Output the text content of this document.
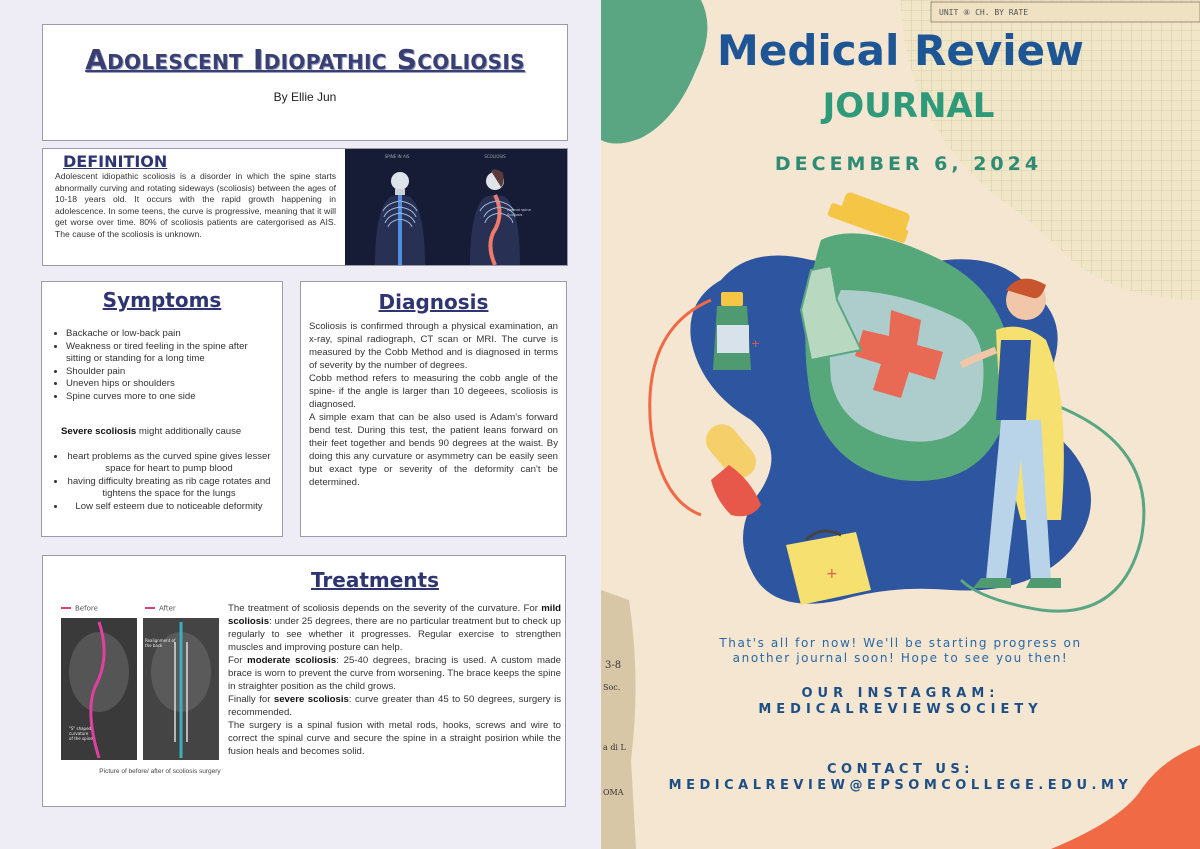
Adolescent Idiopathic Scoliosis
By Ellie Jun
DEFINITION
Adolescent idiopathic scoliosis is a disorder in which the spine starts abnormally curving and rotating sideways (scoliosis) between the ages of 10-18 years old. It occurs with the rapid growth happening in adolescence. In some teens, the curve is progressive, meaning that it will get worse over time. 80% of scoliosis patients are catergorised as AIS. The cause of the scoliosis is unknown.
SPINE IN AIS	SCOLIOSIS
Normal spine
Scoliosis
Symptoms
• Backache or low-back pain
• Weakness or tired feeling in the spine after sitting or standing for a long time
• Shoulder pain
• Uneven hips or shoulders
• Spine curves more to one side
Severe scoliosis might additionally cause
• heart problems as the curved spine gives lesser space for heart to pump blood
• having difficulty breating as rib cage rotates and tightens the space for the lungs
• Low self esteem due to noticeable deformity
Diagnosis
Scoliosis is confirmed through a physical examination, an x-ray, spinal radiograph, CT scan or MRI. The curve is measured by the Cobb Method and is diagnosed in terms of severity by the number of degrees.
Cobb method refers to measuring the cobb angle of the spine- if the angle is larger than 10 degeees, scoliosis is diagnosed.
A simple exam that can be also used is Adam's forward bend test. During this test, the patient leans forward on their feet together and bends 90 degrees at the waist. By doing this any curvature or asymmetry can be easily seen but exact type or severity of the deformity can't be determined.
Treatments
Before	After
"S" shaped
curvature
of the spine
Realignment of
the back
Picture of before/ after of scoliosis surgery
The treatment of scoliosis depends on the severity of the curvature. For mild scoliosis: under 25 degrees, there are no particular treatment but to check up regularly to see whether it progresses. Regular exercise to strengthen muscles and improving posture can help.
For moderate scoliosis: 25-40 degrees, bracing is used. A custom made brace is worn to prevent the curve from worsening. The brace keeps the spine in straighter position as the child grows.
Finally for severe scoliosis: curve greater than 45 to 50 degrees, surgery is recommended.
The surgery is a spinal fusion with metal rods, hooks, screws and wire to correct the spinal curve and secure the spine in a straight posirion while the fusion heals and becomes solid.
UNIT ⑧ CH. BY RATE
3-8
Soc.
a di L
OMA
+
+
Medical Review
JOURNAL
DECEMBER 6, 2024
That's all for now! We'll be starting progress on
another journal soon! Hope to see you then!
OUR INSTAGRAM:
MEDICALREVIEWSOCIETY
CONTACT US:
MEDICALREVIEW@EPSOMCOLLEGE.EDU.MY
